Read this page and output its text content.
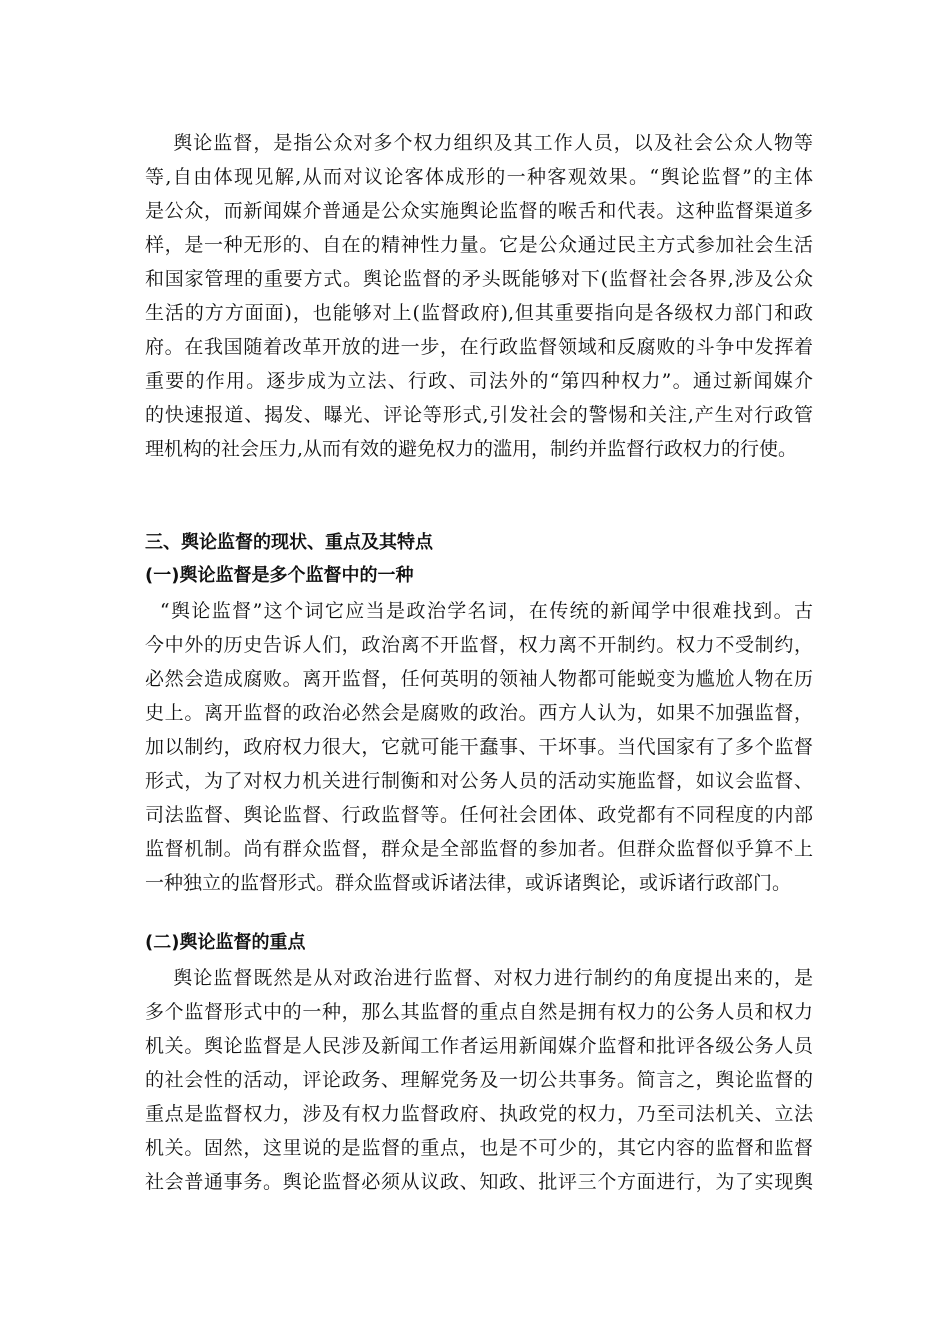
舆论监督，是指公众对多个权力组织及其工作人员，以及社会公众人物等
等,自由体现见解,从而对议论客体成形的一种客观效果。“舆论监督”的主体
是公众，而新闻媒介普通是公众实施舆论监督的喉舌和代表。这种监督渠道多
样，是一种无形的、自在的精神性力量。它是公众通过民主方式参加社会生活
和国家管理的重要方式。舆论监督的矛头既能够对下(监督社会各界,涉及公众
生活的方方面面)，也能够对上(监督政府),但其重要指向是各级权力部门和政
府。在我国随着改革开放的进一步，在行政监督领域和反腐败的斗争中发挥着
重要的作用。逐步成为立法、行政、司法外的“第四种权力”。通过新闻媒介
的快速报道、揭发、曝光、评论等形式,引发社会的警惕和关注,产生对行政管
理机构的社会压力,从而有效的避免权力的滥用，制约并监督行政权力的行使。
三、舆论监督的现状、重点及其特点
(一)舆论监督是多个监督中的一种
“舆论监督”这个词它应当是政治学名词，在传统的新闻学中很难找到。古
今中外的历史告诉人们，政治离不开监督，权力离不开制约。权力不受制约，
必然会造成腐败。离开监督，任何英明的领袖人物都可能蜕变为尴尬人物在历
史上。离开监督的政治必然会是腐败的政治。西方人认为，如果不加强监督，
加以制约，政府权力很大，它就可能干蠢事、干坏事。当代国家有了多个监督
形式，为了对权力机关进行制衡和对公务人员的活动实施监督，如议会监督、
司法监督、舆论监督、行政监督等。任何社会团体、政党都有不同程度的内部
监督机制。尚有群众监督，群众是全部监督的参加者。但群众监督似乎算不上
一种独立的监督形式。群众监督或诉诸法律，或诉诸舆论，或诉诸行政部门。
(二)舆论监督的重点
舆论监督既然是从对政治进行监督、对权力进行制约的角度提出来的，是
多个监督形式中的一种，那么其监督的重点自然是拥有权力的公务人员和权力
机关。舆论监督是人民涉及新闻工作者运用新闻媒介监督和批评各级公务人员
的社会性的活动，评论政务、理解党务及一切公共事务。简言之，舆论监督的
重点是监督权力，涉及有权力监督政府、执政党的权力，乃至司法机关、立法
机关。固然，这里说的是监督的重点，也是不可少的，其它内容的监督和监督
社会普通事务。舆论监督必须从议政、知政、批评三个方面进行，为了实现舆
